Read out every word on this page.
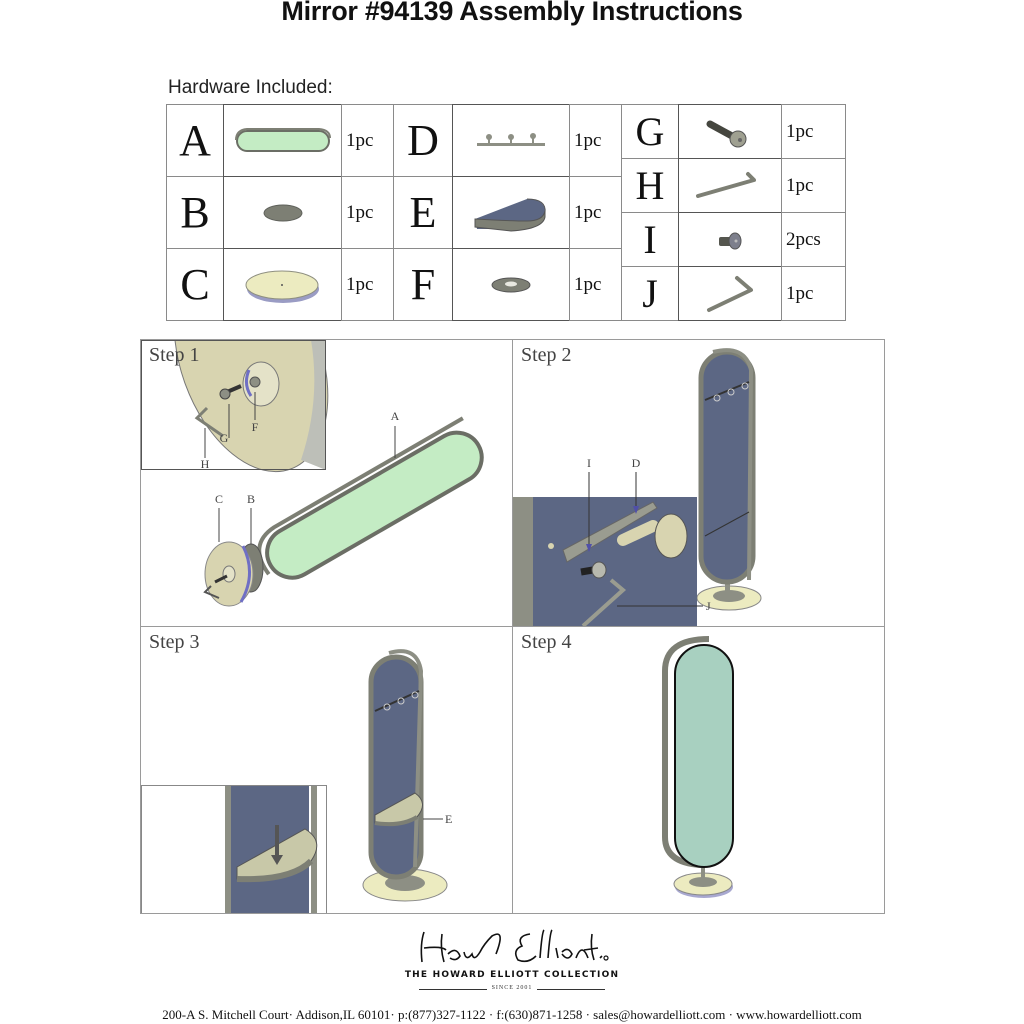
Mirror #94139 Assembly Instructions
Hardware Included:
A	1pc
B	1pc
C	1pc
D	1pc
E	1pc
F	1pc
G	1pc
H	1pc
I	2pcs
J	1pc
G
F
H
A
C B
Step 1
I	D
J
Step 2
E
Step 3	Step 4
THE HOWARD ELLIOTT COLLECTION
SINCE 2001
200-A S. Mitchell Court· Addison,IL 60101· p:(877)327-1122 · f:(630)871-1258 · sales@howardelliott.com · www.howardelliott.com
